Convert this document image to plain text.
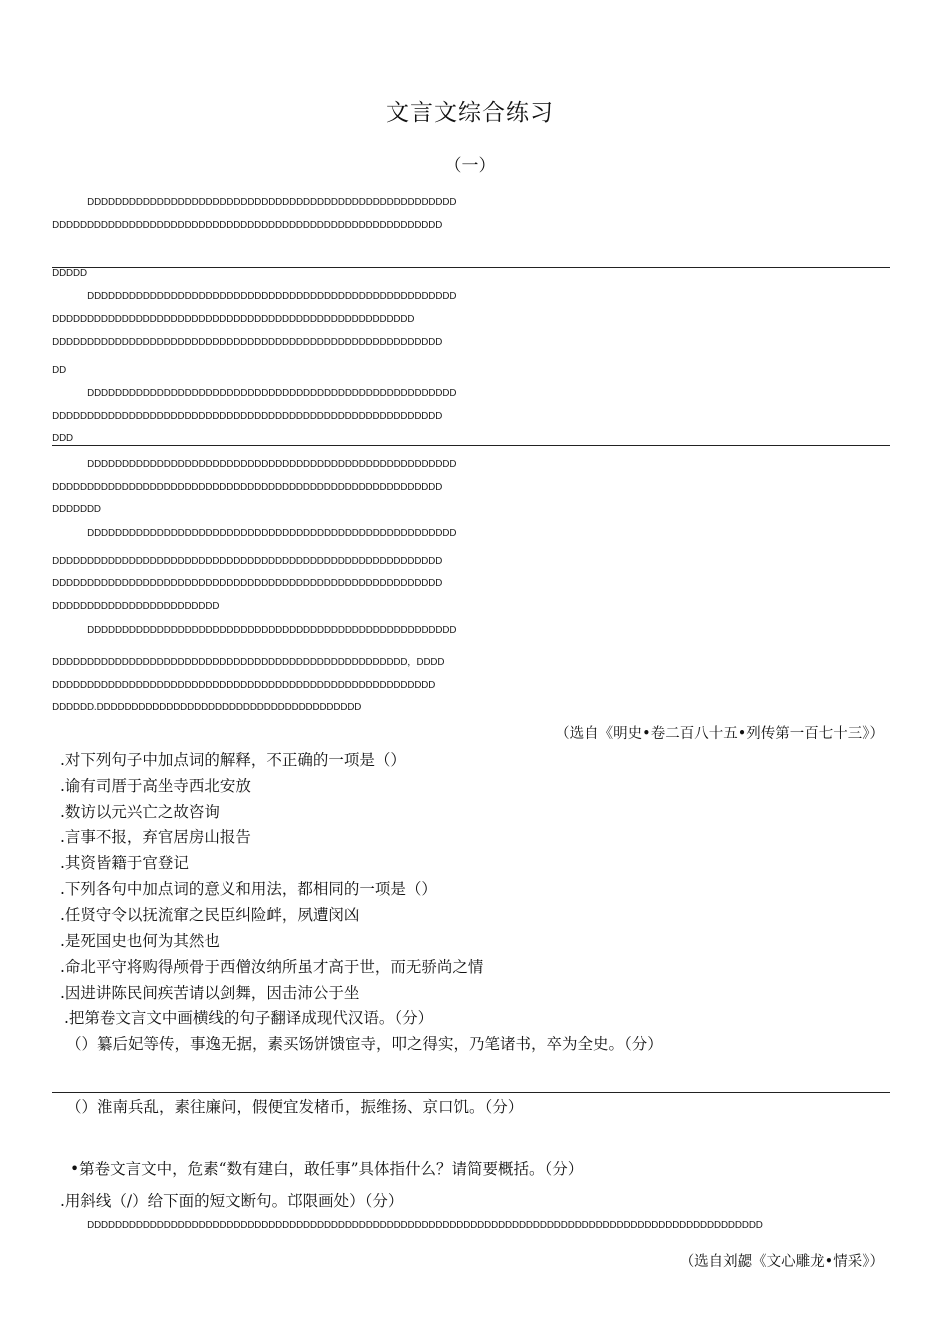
文言文综合练习
（一）
DDDDDDDDDDDDDDDDDDDDDDDDDDDDDDDDDDDDDDDDDDDDDDDDDDDDD
DDDDDDDDDDDDDDDDDDDDDDDDDDDDDDDDDDDDDDDDDDDDDDDDDDDDDDDD
DDDDD
DDDDDDDDDDDDDDDDDDDDDDDDDDDDDDDDDDDDDDDDDDDDDDDDDDDDD
DDDDDDDDDDDDDDDDDDDDDDDDDDDDDDDDDDDDDDDDDDDDDDDDDDDD
DDDDDDDDDDDDDDDDDDDDDDDDDDDDDDDDDDDDDDDDDDDDDDDDDDDDDDDD
DD
DDDDDDDDDDDDDDDDDDDDDDDDDDDDDDDDDDDDDDDDDDDDDDDDDDDDD
DDDDDDDDDDDDDDDDDDDDDDDDDDDDDDDDDDDDDDDDDDDDDDDDDDDDDDDD
DDD
DDDDDDDDDDDDDDDDDDDDDDDDDDDDDDDDDDDDDDDDDDDDDDDDDDDDD
DDDDDDDDDDDDDDDDDDDDDDDDDDDDDDDDDDDDDDDDDDDDDDDDDDDDDDDD
DDDDDDD
DDDDDDDDDDDDDDDDDDDDDDDDDDDDDDDDDDDDDDDDDDDDDDDDDDDDD
DDDDDDDDDDDDDDDDDDDDDDDDDDDDDDDDDDDDDDDDDDDDDDDDDDDDDDDD
DDDDDDDDDDDDDDDDDDDDDDDDDDDDDDDDDDDDDDDDDDDDDDDDDDDDDDDD
DDDDDDDDDDDDDDDDDDDDDDDD
DDDDDDDDDDDDDDDDDDDDDDDDDDDDDDDDDDDDDDDDDDDDDDDDDDDDD
DDDDDDDDDDDDDDDDDDDDDDDDDDDDDDDDDDDDDDDDDDDDDDDDDDD，DDDD
DDDDDDDDDDDDDDDDDDDDDDDDDDDDDDDDDDDDDDDDDDDDDDDDDDDDDDD
DDDDDD.DDDDDDDDDDDDDDDDDDDDDDDDDDDDDDDDDDDDDD
（选自《明史•卷二百八十五•列传第一百七十三》）
.对下列句子中加点词的解释，不正确的一项是（）
.谕有司厝于高坐寺西北安放
.数访以元兴亡之故咨询
.言事不报，弃官居房山报告
.其资皆籍于官登记
.下列各句中加点词的意义和用法，都相同的一项是（）
.任贤守令以抚流窜之民臣纠险衅，夙遭闵凶
.是死国史也何为其然也
.命北平守将购得颅骨于西僧汝纳所虽才高于世，而无骄尚之情
.因进讲陈民间疾苦请以剑舞，因击沛公于坐
.把第卷文言文中画横线的句子翻译成现代汉语。（分）
（）纂后妃等传，事逸无据，素买饧饼馈宦寺，叩之得实，乃笔诸书，卒为全史。（分）
（）淮南兵乱，素往廉问，假便宜发楮币，振维扬、京口饥。（分）
•第卷文言文中，危素“数有建白，敢任事”具体指什么？请简要概括。（分）
.用斜线（/）给下面的短文断句。邙限画处）（分）
DDDDDDDDDDDDDDDDDDDDDDDDDDDDDDDDDDDDDDDDDDDDDDDDDDDDDDDDDDDDDDDDDDDDDDDDDDDDDDDDDDDDDDDDDDDDDDDDD
（选自刘勰《文心雕龙•情采》）
